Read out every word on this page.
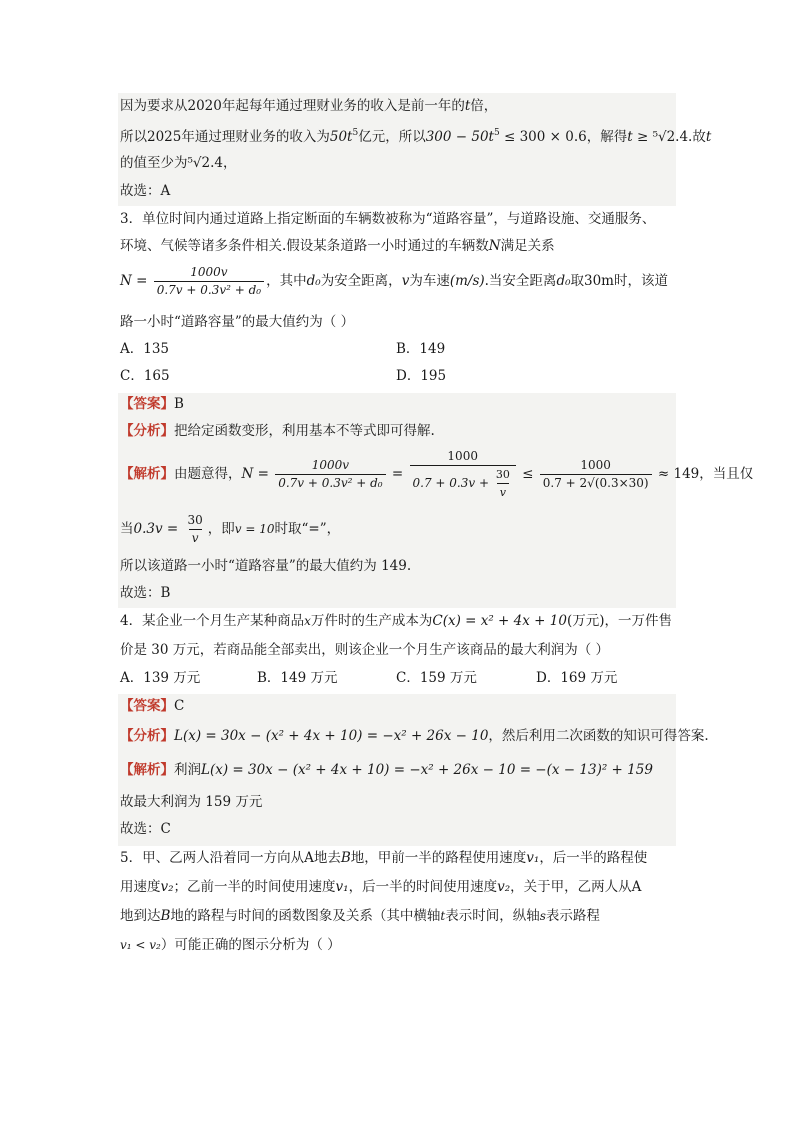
因为要求从2020年起每年通过理财业务的收入是前一年的t倍，
所以2025年通过理财业务的收入为$50t^5$亿元，所以$300 - 50t^5 \le 300 \times 0.6$，解得t ≥ ⁵√2.4.故t
的值至少为⁵√2.4，
故选：A
3．单位时间内通过道路上指定断面的车辆数被称为“道路容量”，与道路设施、交通服务、
环境、气候等诸多条件相关.假设某条道路一小时通过的车辆数N满足关系
$N = \frac{1000v}{\text{0.7v + 0.3v² + d₀}}$ ，其中d₀为安全距离，v为车速(m/s).当安全距离d₀取30m时，该道
路一小时“道路容量”的最大值约为（ ）
A．135	B．149
C．165	D．195
【答案】B
【分析】把给定函数变形，利用基本不等式即可得解.
【解析】由题意得，$N = \frac{1000v}{\text{0.7v + 0.3v² + d₀}} = \frac{1000}{0.7 + 0.3v + \frac{30}{v}} \le \frac{1000}{0.7 + 2√(0.3\times 30)} \approx 149$，当且仅
当$0.3v = \frac{30}{v}$ ，即v = 10时取“=”，
所以该道路一小时“道路容量”的最大值约为 149.
故选：B
4．某企业一个月生产某种商品x万件时的生产成本为C(x) = x² + 4x + 10(万元)，一万件售
价是 30 万元，若商品能全部卖出，则该企业一个月生产该商品的最大利润为（ ）
A．139 万元	B．149 万元	C．159 万元	D．169 万元
【答案】C
【分析】L(x) = 30x − (x² + 4x + 10) = −x² + 26x − 10，然后利用二次函数的知识可得答案.
【解析】利润L(x) = 30x − (x² + 4x + 10) = −x² + 26x − 10 = −(x − 13)² + 159
故最大利润为 159 万元
故选：C
5．甲、乙两人沿着同一方向从A地去B地，甲前一半的路程使用速度v₁，后一半的路程使
用速度v₂；乙前一半的时间使用速度v₁，后一半的时间使用速度v₂，关于甲，乙两人从A
地到达B地的路程与时间的函数图象及关系（其中横轴t表示时间，纵轴s表示路程
v₁ < v₂）可能正确的图示分析为（ ）
